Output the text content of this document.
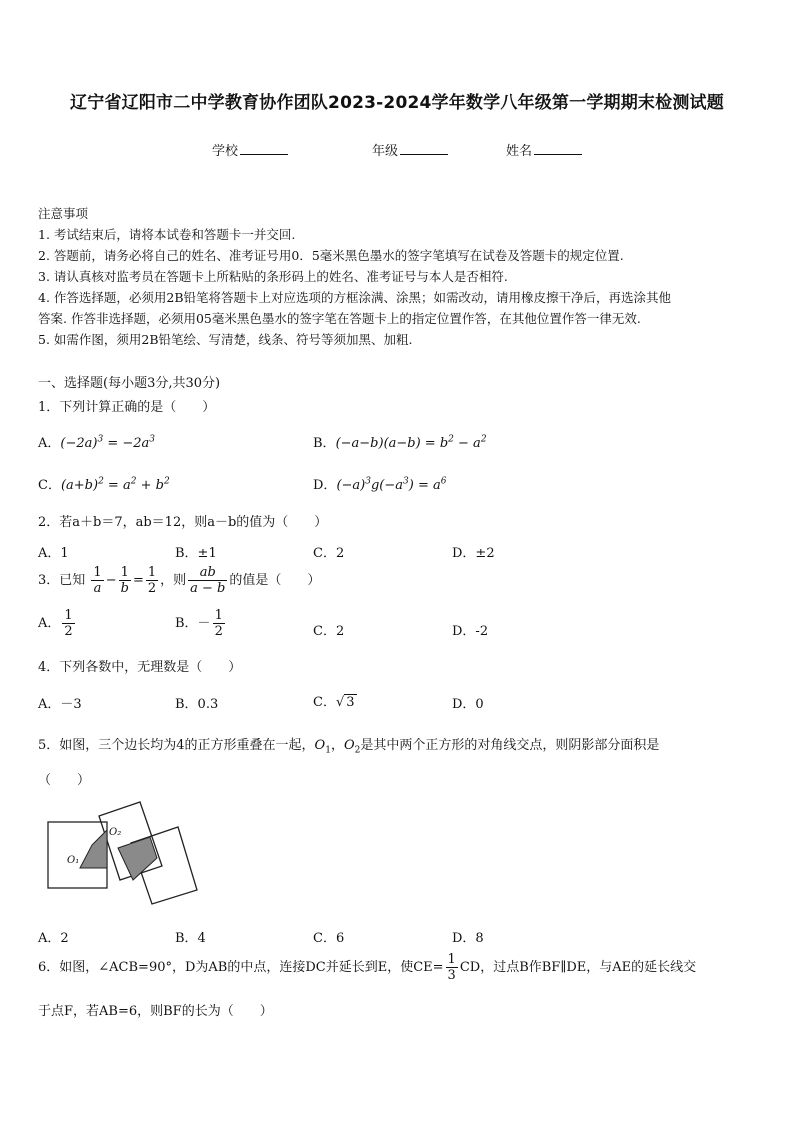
辽宁省辽阳市二中学教育协作团队2023-2024学年数学八年级第一学期期末检测试题
学校	年级	姓名
注意事项
1. 考试结束后，请将本试卷和答题卡一并交回.
2. 答题前，请务必将自己的姓名、准考证号用0．5毫米黑色墨水的签字笔填写在试卷及答题卡的规定位置.
3. 请认真核对监考员在答题卡上所粘贴的条形码上的姓名、准考证号与本人是否相符.
4. 作答选择题，必须用2B铅笔将答题卡上对应选项的方框涂满、涂黑；如需改动，请用橡皮擦干净后，再选涂其他
答案. 作答非选择题，必须用05毫米黑色墨水的签字笔在答题卡上的指定位置作答，在其他位置作答一律无效.
5. 如需作图，须用2B铅笔绘、写清楚，线条、符号等须加黑、加粗.
一、选择题(每小题3分,共30分)
1．下列计算正确的是（　　）
A．$(-2a)^3 = -2a^3$	B．$(-a-b)(a-b) = b^2 - a^2$
C．$(a+b)^2 = a^2 + b^2$	D．$(-a)^3g(-a^3) = a^6$
2．若a＋b＝7，ab＝12，则a－b的值为（　　）
A．1	B．±1	C．2	D．±2
3．已知 $\frac{1}{a} - \frac{1}{b} = \frac{1}{2}$ ，则 $\frac{ab}{a - b}$ 的值是（　　）
A． $\frac{1}{2}$	B．－ $\frac{1}{2}$	C．2	D．-2
4．下列各数中，无理数是（　　）
A．－3	B．0.3	C．√ 3	D．0
5．如图，三个边长均为4的正方形重叠在一起，$O_1$，$O_2$是其中两个正方形的对角线交点，则阴影部分面积是
（　　）
O₁
O₂
A．2	B．4	C．6	D．8
6．如图，∠ACB=90°，D为AB的中点，连接DC并延长到E，使$CE= \frac{1}{3}$ CD，过点B作BF∥DE，与AE的延长线交
于点F，若AB=6，则BF的长为（　　）
